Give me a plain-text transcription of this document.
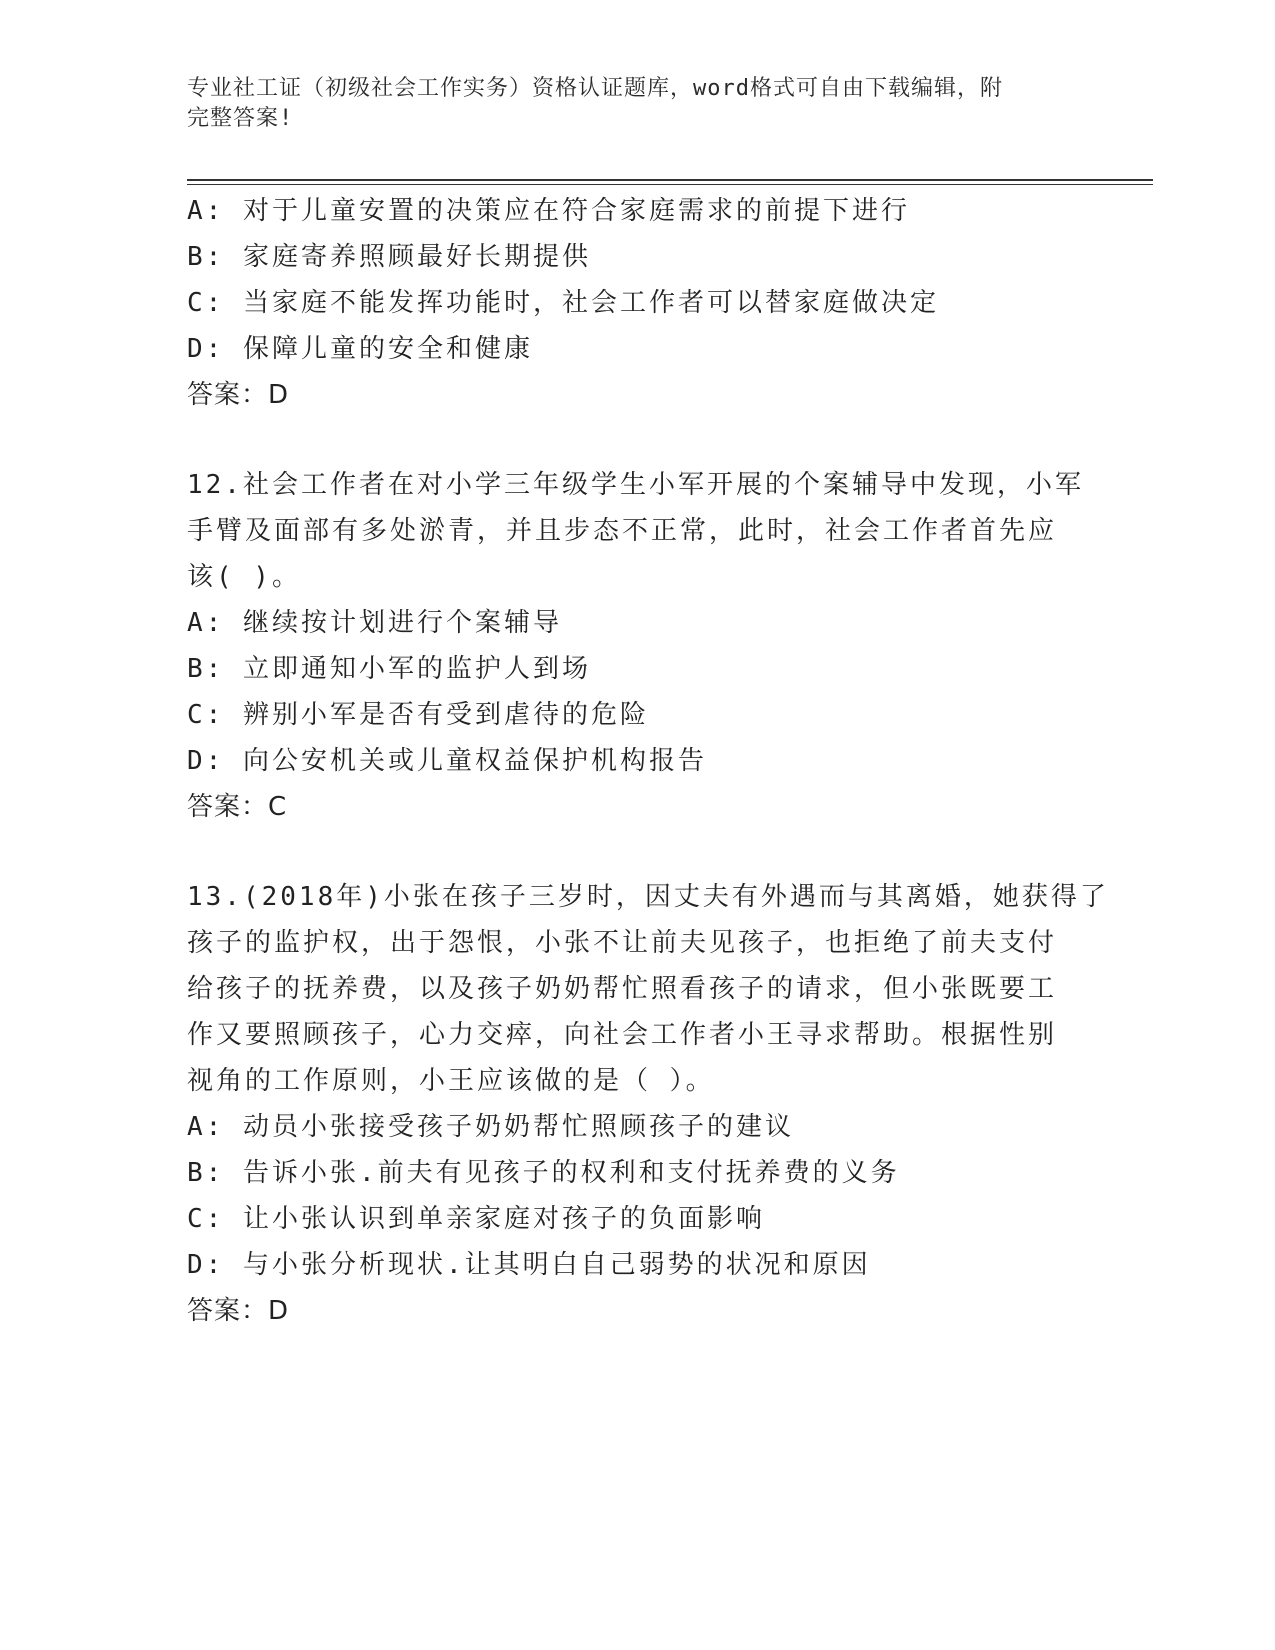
专业社工证（初级社会工作实务）资格认证题库，word格式可自由下载编辑，附

完整答案!

A: 对于儿童安置的决策应在符合家庭需求的前提下进行
B: 家庭寄养照顾最好长期提供
C: 当家庭不能发挥功能时，社会工作者可以替家庭做决定
D: 保障儿童的安全和健康
答案：D
12.社会工作者在对小学三年级学生小军开展的个案辅导中发现，小军
手臂及面部有多处淤青，并且步态不正常，此时，社会工作者首先应
该( )。
A: 继续按计划进行个案辅导
B: 立即通知小军的监护人到场
C: 辨别小军是否有受到虐待的危险
D: 向公安机关或儿童权益保护机构报告
答案：C
13.(2018年)小张在孩子三岁时，因丈夫有外遇而与其离婚，她获得了
孩子的监护权，出于怨恨，小张不让前夫见孩子，也拒绝了前夫支付
给孩子的抚养费，以及孩子奶奶帮忙照看孩子的请求，但小张既要工
作又要照顾孩子，心力交瘁，向社会工作者小王寻求帮助。根据性别
视角的工作原则，小王应该做的是（ ）。
A: 动员小张接受孩子奶奶帮忙照顾孩子的建议
B: 告诉小张.前夫有见孩子的权利和支付抚养费的义务
C: 让小张认识到单亲家庭对孩子的负面影响
D: 与小张分析现状.让其明白自己弱势的状况和原因
答案：D
